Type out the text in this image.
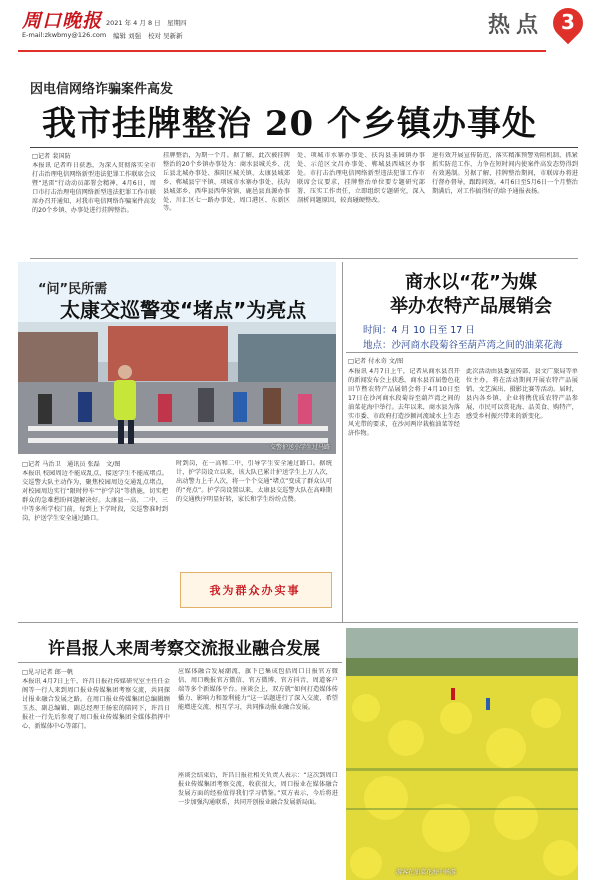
周口晚报 2021 年 4 月 8 日　星期四
E-mail:zkwbmy@126.com 编辑 刘强 校对 吴新新	热点 3
因电信网络诈骗案件高发
我市挂牌整治 20 个乡镇办事处
□记者 裴国防
本报讯 记者昨日获悉，为深入贯彻落实全市打击治理电信网络新型违法犯罪工作联席会议暨“迅雷”行动动员部署会精神，4月6日，周口市打击治理电信网络新型违法犯罪工作市联席办召开通知，对我市电信网络诈骗案件高发的20个乡镇、办事处进行挂牌整治。
挂牌整治，为期一个月。据了解，此次被挂牌整治的20个乡镇办事处为：商水县城关乡、沈丘县北城办事处、淮阳区城关镇、太康县城郊乡、郸城县宁平镇、项城市水寨办事处、扶沟县城郊乡、西华县西华营镇、鹿邑县真源办事处、川汇区七一路办事处、周口港区、东新区等。
处、项城市水寨办事处、扶沟县韭园镇办事处、示范区文昌办事处、郸城县西城区办事处。市打击治理电信网络新型违法犯罪工作市联席会议要求，挂牌整治单位要专题研究部署、压实工作责任，立即组织专题研究，深入剖析问题原因，较真碰硬整改。
速有效开展宣传防范，落实精准预警劝阻机制，抓紧抓实防范工作，力争在短时间内使案件高发态势得到有效遏制。另据了解，挂牌整治期间，市联席办将进行督办督导，跟踪问效。4月6日至5月6日一个月整治期满后，对工作搞得好的给予通报表扬。
“问”民所需
太康交巡警变“堵点”为亮点
交警护送小学生过马路
□记者 马治卫　通讯员 张磊　文/图
本报讯 校园周边不能成乱点，接送学生不能成堵点。交巡警大队主动作为，聚焦校园周边交通乱点堵点，对校园周边实行“限时停车”“护学岗”等措施，切实把群众的急难愁盼问题解决好。太康县一高、二中、三中等多所学校门前，每到上下学时段，交巡警准时到岗，护送学生安全通过路口。
时到岗，在一高和二中，引导学生安全通过路口。据统计，护学岗设立以来，该大队已累计护送学生上万人次，出动警力上千人次，将一个个交通“堵点”变成了群众认可的“亮点”。护学岗设置以来，太康县交巡警大队在高峰期的交通秩序明显好转，家长和学生纷纷点赞。
我为群众办实事
商水以“花”为媒
举办农特产品展销会
时间：4 月 10 日至 17 日
地点：沙河商水段菊谷至葫芦湾之间的油菜花海
□记者 付永奇 文/图
本报讯 4月7日上午，记者从商水县召开的新闻发布会上获悉，商水县首届鲁色花田节暨农特产品展销会将于4月10日至17日在沙河商水段菊谷至葫芦湾之间的油菜花海中举行。去年以来，商水县为落实市委、市政府打造沙颍河流域水上生态风光带的要求，在沙河两岸栽植油菜等经济作物。
此次活动由县委宣传部、县文广旅局等单位主办，将在活动期间开展农特产品展销、文艺演出、摄影比赛等活动。届时，县内各乡镇、企业将携优质农特产品参展，市民可以赏花海、品美食、购特产，感受乡村振兴带来的新变化。
许昌报人来周考察交流报业融合发展
□见习记者 郎一帆
本报讯 4月7日上午，许昌日报社传媒研究室主任任金阁等一行人来到周口报业传媒集团考察交流，共同探讨报业融合发展之路。在周口报业传媒集团总编辑顾玉杰、副总编辑、副总经理王扬宏的陪同下，许昌日报社一行先后参观了周口报业传媒集团全媒体指挥中心、新媒体中心等部门。
应媒体融合发展潮流，旗下已集成包括周口日报官方微信、周口晚报官方微信、官方微博、官方抖音、周道客户端等多个新媒体平台。座谈会上，双方就“如何打造媒体传播力、影响力和盈利能力”这一话题进行了深入交流，希望能增进交流、相互学习，共同推动报业融合发展。
座谈会结束后，许昌日报社相关负责人表示：“这次到周口报业传媒集团考察交流，收获很大，周口报业在媒体融合发展方面的经验值得我们学习借鉴。”双方表示，今后将进一步加强沟通联系，共同开创报业融合发展新局面。
游客在油菜花海中畅游
